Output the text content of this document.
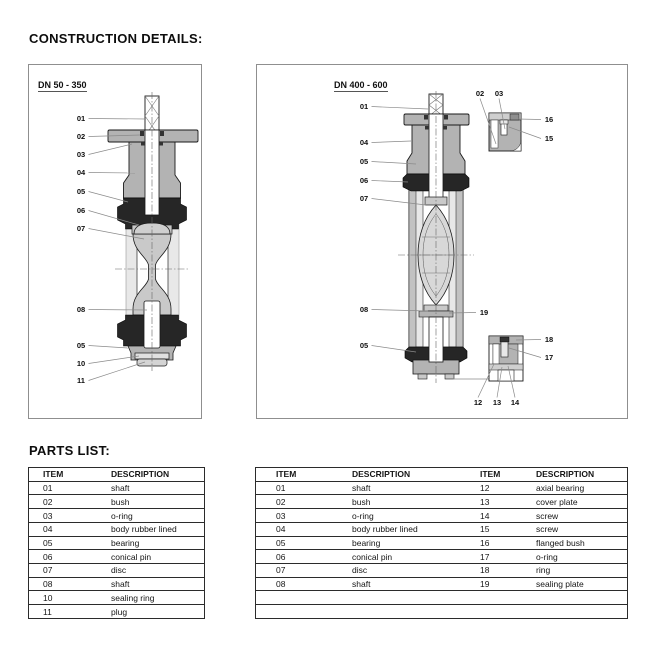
CONSTRUCTION DETAILS:
DN 50 - 350
01
02
03
04
05
06
07
08
05
10
11
DN 400 - 600
01
02	03
04
05
06
07
08	19
05
16
15
18
17
12	13	14
PARTS LIST:
ITEM	DESCRIPTION
01	shaft
02	bush
03	o-ring
04	body rubber lined
05	bearing
06	conical pin
07	disc
08	shaft
10	sealing ring
11	plug
ITEM	DESCRIPTION	ITEM	DESCRIPTION
01	shaft	12	axial bearing
02	bush	13	cover plate
03	o-ring	14	screw
04	body rubber lined	15	screw
05	bearing	16	flanged bush
06	conical pin	17	o-ring
07	disc	18	ring
08	shaft	19	sealing plate
